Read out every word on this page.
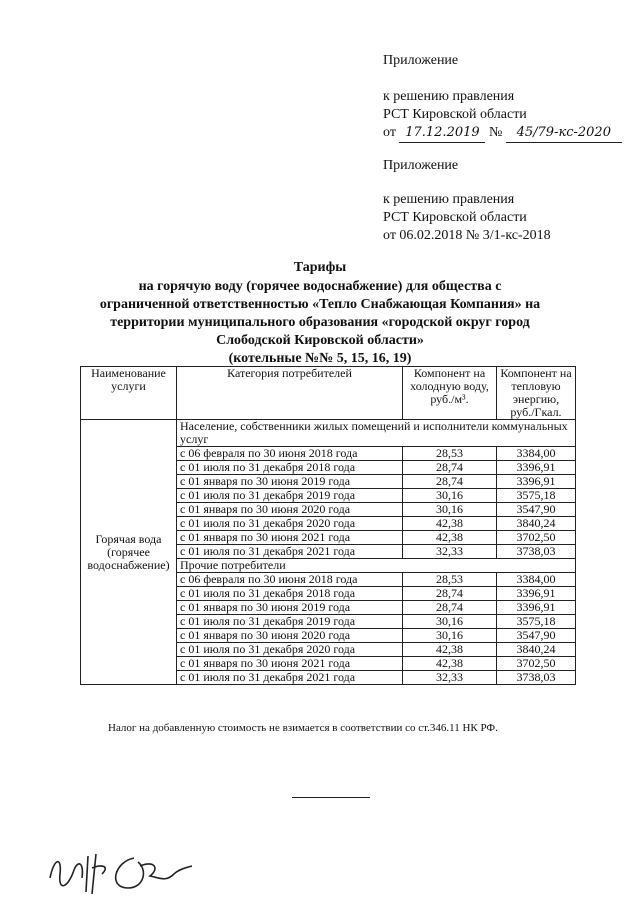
Приложение
к решению правления
РСТ Кировской области
от 17.12.2019 № 45/79-кс-2020
Приложение
к решению правления
РСТ Кировской области
от 06.02.2018 № 3/1-кс-2018
Тарифы
на горячую воду (горячее водоснабжение) для общества с
ограниченной ответственностью «Тепло Снабжающая Компания» на
территории муниципального образования «городской округ город
Слободской Кировской области»
(котельные №№ 5, 15, 16, 19)
Наименование услуги	Категория потребителей	Компонент на холодную воду, руб./м³.	Компонент на тепловую энергию, руб./Гкал.
Горячая вода (горячее водоснабжение)	Население, собственники жилых помещений и исполнители коммунальных услуг		
	с 06 февраля по 30 июня 2018 года	28,53	3384,00
	с 01 июля по 31 декабря 2018 года	28,74	3396,91
	с 01 января по 30 июня 2019 года	28,74	3396,91
	с 01 июля по 31 декабря 2019 года	30,16	3575,18
	с 01 января по 30 июня 2020 года	30,16	3547,90
	с 01 июля по 31 декабря 2020 года	42,38	3840,24
	с 01 января по 30 июня 2021 года	42,38	3702,50
	с 01 июля по 31 декабря 2021 года	32,33	3738,03
	Прочие потребители		
	с 06 февраля по 30 июня 2018 года	28,53	3384,00
	с 01 июля по 31 декабря 2018 года	28,74	3396,91
	с 01 января по 30 июня 2019 года	28,74	3396,91
	с 01 июля по 31 декабря 2019 года	30,16	3575,18
	с 01 января по 30 июня 2020 года	30,16	3547,90
	с 01 июля по 31 декабря 2020 года	42,38	3840,24
	с 01 января по 30 июня 2021 года	42,38	3702,50
	с 01 июля по 31 декабря 2021 года	32,33	3738,03
Налог на добавленную стоимость не взимается в соответствии со ст.346.11 НК РФ.
